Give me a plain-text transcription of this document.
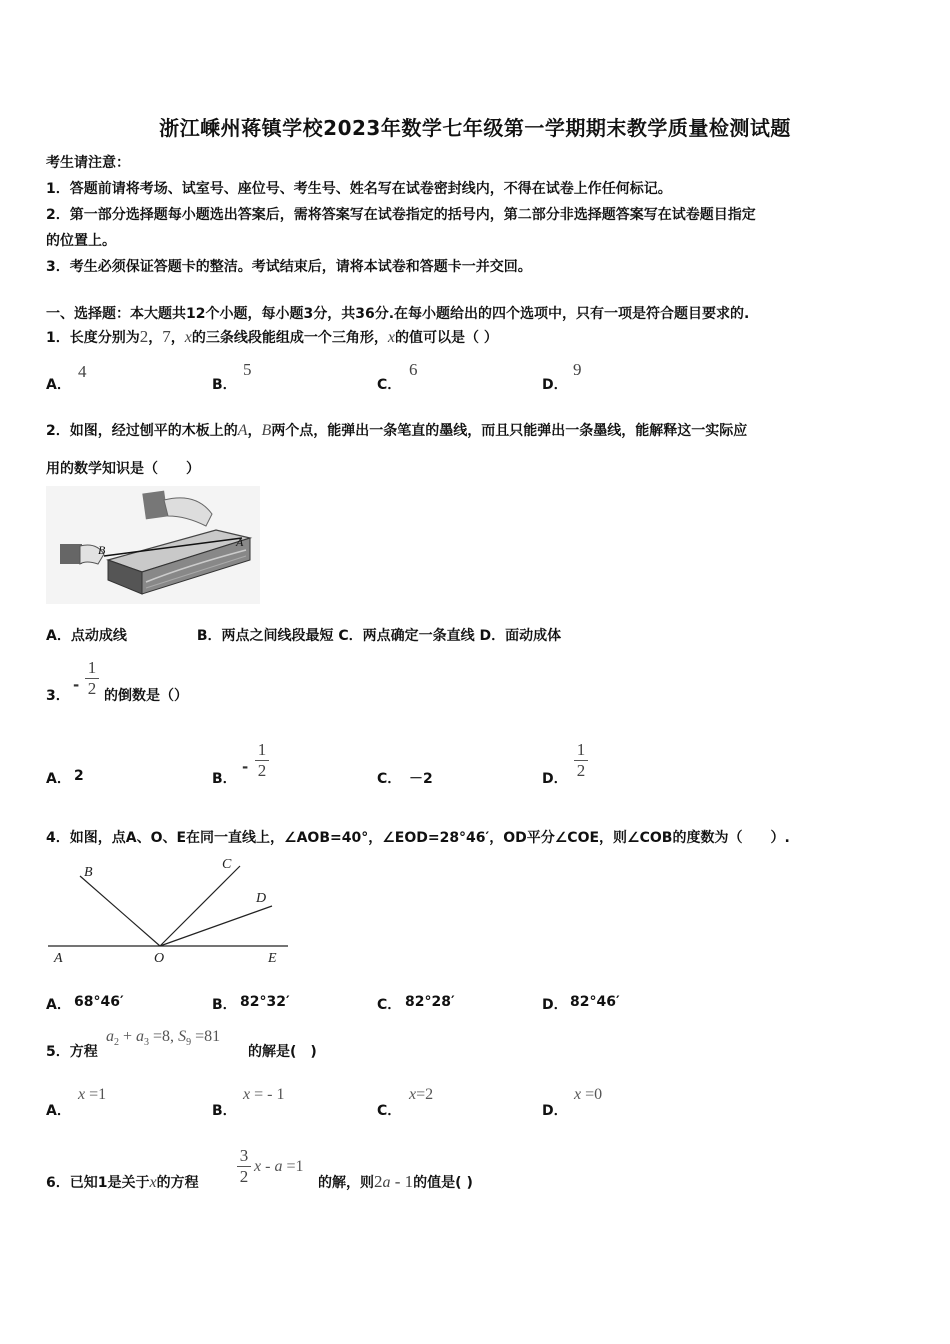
浙江嵊州蒋镇学校2023年数学七年级第一学期期末教学质量检测试题
考生请注意：
1．答题前请将考场、试室号、座位号、考生号、姓名写在试卷密封线内，不得在试卷上作任何标记。
2．第一部分选择题每小题选出答案后，需将答案写在试卷指定的括号内，第二部分非选择题答案写在试卷题目指定
的位置上。
3．考生必须保证答题卡的整洁。考试结束后，请将本试卷和答题卡一并交回。
一、选择题：本大题共12个小题，每小题3分，共36分.在每小题给出的四个选项中，只有一项是符合题目要求的.
1．长度分别为2，7，x的三条线段能组成一个三角形，x的值可以是（ ）
A．
4
B．
5
C．
6
D．
9
2．如图，经过刨平的木板上的A，B两个点，能弹出一条笔直的墨线，而且只能弹出一条墨线，能解释这一实际应
用的数学知识是（　　）
B
A
A．点动成线　　　　　B．两点之间线段最短 C．两点确定一条直线 D．面动成体
-
1
2
3． 的倒数是（）
A． 2	B．
-
1
2	C． －2	D．
1
2
4．如图，点A、O、E在同一直线上，∠AOB=40°，∠EOD=28°46′，OD平分∠COE，则∠COB的度数为（　　）.
A	O	E
B
C
D
A． 68°46′	B． 82°32′	C． 82°28′	D． 82°46′
5．方程
$a_2 + a_3 =8$, $S_9 =81$
的解是(　)
A．
x =1
B．
x = - 1
C．
x=2
D．
x =0
6．已知1是关于x的方程
3
2
x - a =1
的解，则2a - 1的值是( )
